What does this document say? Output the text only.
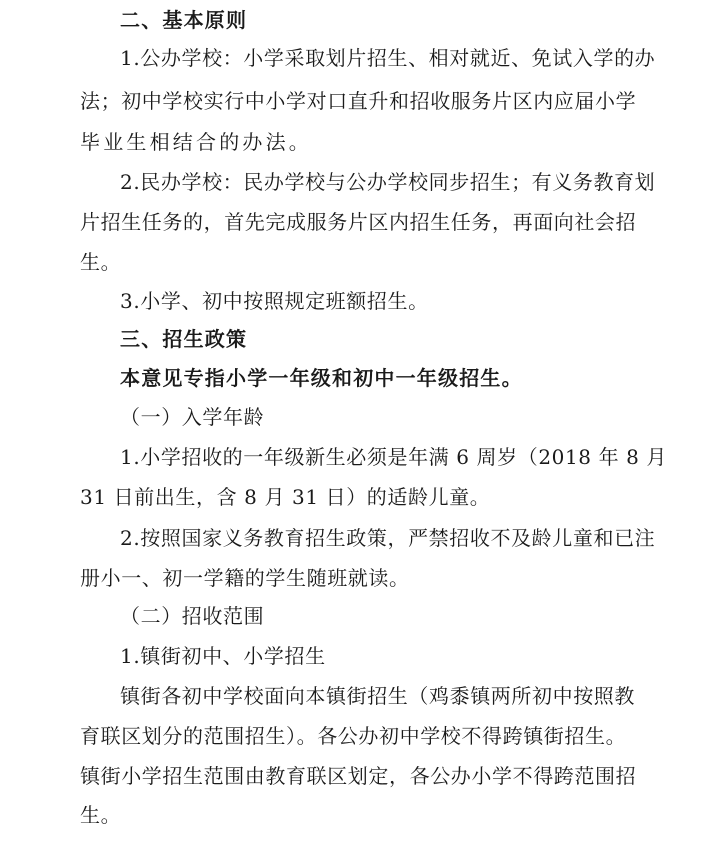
二、基本原则
1.公办学校：小学采取划片招生、相对就近、免试入学的办
法；初中学校实行中小学对口直升和招收服务片区内应届小学
毕业生相结合的办法。
2.民办学校：民办学校与公办学校同步招生；有义务教育划
片招生任务的，首先完成服务片区内招生任务，再面向社会招
生。
3.小学、初中按照规定班额招生。
三、招生政策
本意见专指小学一年级和初中一年级招生。
（一）入学年龄
1.小学招收的一年级新生必须是年满 6 周岁（2018 年 8 月
31 日前出生，含 8 月 31 日）的适龄儿童。
2.按照国家义务教育招生政策，严禁招收不及龄儿童和已注
册小一、初一学籍的学生随班就读。
（二）招收范围
1.镇街初中、小学招生
镇街各初中学校面向本镇街招生（鸡黍镇两所初中按照教
育联区划分的范围招生）。各公办初中学校不得跨镇街招生。
镇街小学招生范围由教育联区划定，各公办小学不得跨范围招
生。
